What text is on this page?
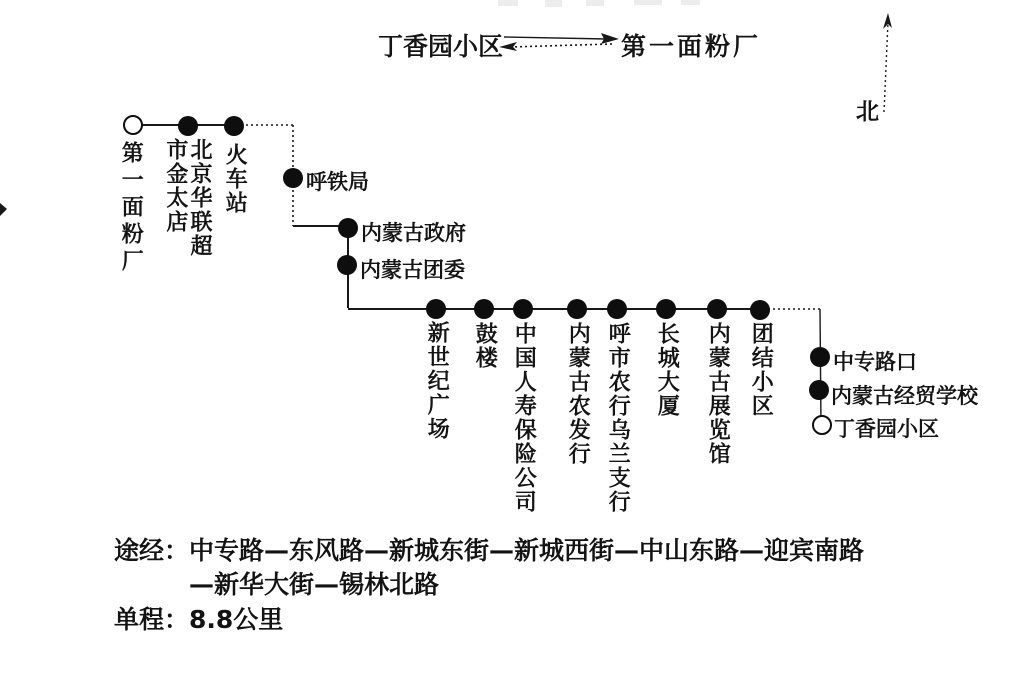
丁香园小区	第一面粉厂
北
第一面粉厂	北京华联超市金太店	火车站	呼铁局
内蒙古政府
内蒙古团委
新世纪广场 鼓楼 中国人寿保险公司 内蒙古农发行 呼市农行乌兰支行 长城大厦 内蒙古展览馆 团结小区	中专路口
内蒙古经贸学校
丁香园小区
途经：中专路—东风路—新城东街—新城西街—中山东路—迎宾南路
—新华大街—锡林北路
单程：8.8公里
